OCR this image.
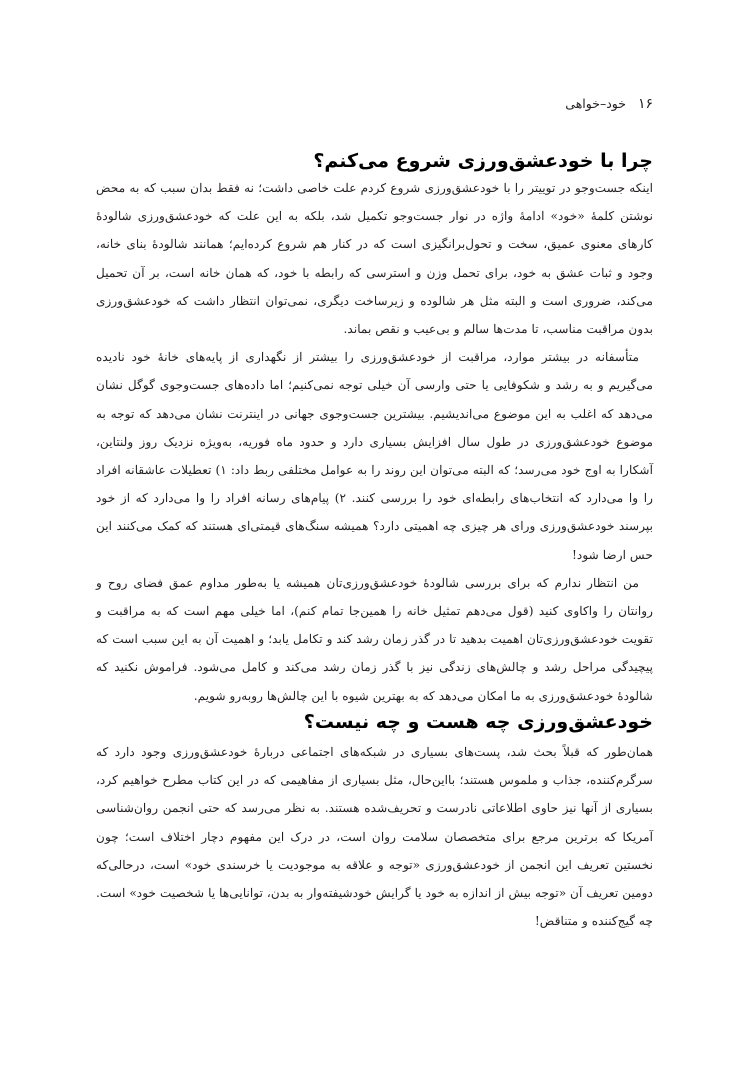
۱۶
خود–خواهی
چرا با خودعشق‌ورزی شروع می‌کنم؟

اینکه جست‌وجو در توییتر را با خودعشق‌ورزی شروع کردم علت خاصی داشت؛ نه فقط بدان سبب که به محض نوشتن کلمهٔ «خود» ادامهٔ واژه در نوار جست‌وجو تکمیل شد، بلکه به این علت که خودعشق‌ورزی شالودهٔ کارهای معنوی عمیق، سخت و تحول‌برانگیزی است که در کنار هم شروع کرده‌ایم؛ همانند شالودهٔ بنای خانه، وجود و ثبات عشق به خود، برای تحمل وزن و استرسی که رابطه با خود، که همان خانه است، بر آن تحمیل می‌کند، ضروری است و البته مثل هر شالوده و زیرساخت دیگری، نمی‌توان انتظار داشت که خودعشق‌ورزی بدون مراقبت مناسب، تا مدت‌ها سالم و بی‌عیب و نقص بماند.

متأسفانه در بیشتر موارد، مراقبت از خودعشق‌ورزی را بیشتر از نگهداری از پایه‌های خانهٔ خود نادیده می‌گیریم و به رشد و شکوفایی یا حتی وارسی آن خیلی توجه نمی‌کنیم؛ اما داده‌های جست‌وجوی گوگل نشان می‌دهد که اغلب به این موضوع می‌اندیشیم. بیشترین جست‌وجوی جهانی در اینترنت نشان می‌دهد که توجه به موضوع خودعشق‌ورزی در طول سال افزایش بسیاری دارد و حدود ماه فوریه، به‌ویژه نزدیک روز ولنتاین، آشکارا به اوج خود می‌رسد؛ که البته می‌توان این روند را به عوامل مختلفی ربط داد: ۱) تعطیلات عاشقانه افراد را وا می‌دارد که انتخاب‌های رابطه‌ای خود را بررسی کنند. ۲) پیام‌های رسانه افراد را وا می‌دارد که از خود بپرسند خودعشق‌ورزی ورای هر چیزی چه اهمیتی دارد؟ همیشه سنگ‌های قیمتی‌ای هستند که کمک می‌کنند این حس ارضا شود!

من انتظار ندارم که برای بررسی شالودهٔ خودعشق‌ورزی‌تان همیشه یا به‌طور مداوم عمق فضای روح و روانتان را واکاوی کنید (قول می‌دهم تمثیل خانه را همین‌جا تمام کنم)، اما خیلی مهم است که به مراقبت و تقویت خودعشق‌ورزی‌تان اهمیت بدهید تا در گذر زمان رشد کند و تکامل یابد؛ و اهمیت آن به این سبب است که پیچیدگی مراحل رشد و چالش‌های زندگی نیز با گذر زمان رشد می‌کند و کامل می‌شود. فراموش نکنید که شالودهٔ خودعشق‌ورزی به ما امکان می‌دهد که به بهترین شیوه با این چالش‌ها روبه‌رو شویم.

خودعشق‌ورزی چه هست و چه نیست؟

همان‌طور که قبلاً بحث شد، پست‌های بسیاری در شبکه‌های اجتماعی دربارهٔ خودعشق‌ورزی وجود دارد که سرگرم‌کننده، جذاب و ملموس هستند؛ بااین‌حال، مثل بسیاری از مفاهیمی که در این کتاب مطرح خواهیم کرد، بسیاری از آنها نیز حاوی اطلاعاتی نادرست و تحریف‌شده هستند. به نظر می‌رسد که حتی انجمن روان‌شناسی آمریکا که برترین مرجع برای متخصصان سلامت روان است، در درک این مفهوم دچار اختلاف است؛ چون نخستین تعریف این انجمن از خودعشق‌ورزی «توجه و علاقه به موجودیت یا خرسندی خود» است، درحالی‌که دومین تعریف آن «توجه بیش از اندازه به خود یا گرایش خودشیفته‌وار به بدن، توانایی‌ها یا شخصیت خود» است. چه گیج‌کننده و متناقض!
